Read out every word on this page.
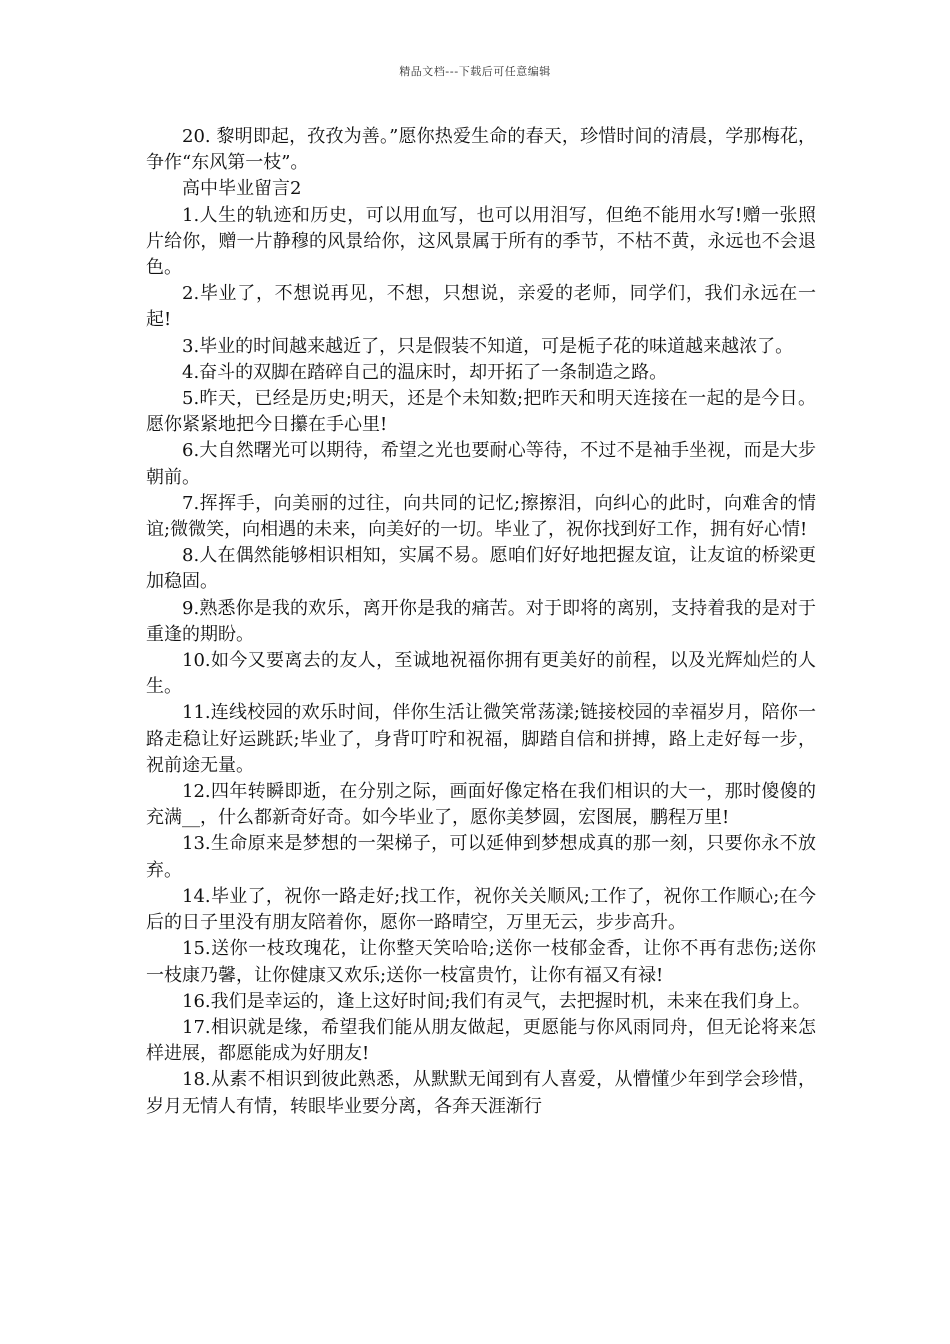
精品文档---下载后可任意编辑

20. 黎明即起，孜孜为善。”愿你热爱生命的春天，珍惜时间的清晨，学那梅花，争作“东风第一枝”。

高中毕业留言2

1.人生的轨迹和历史，可以用血写，也可以用泪写，但绝不能用水写!赠一张照片给你，赠一片静穆的风景给你，这风景属于所有的季节，不枯不黄，永远也不会退色。

2.毕业了，不想说再见，不想，只想说，亲爱的老师，同学们，我们永远在一起!

3.毕业的时间越来越近了，只是假装不知道，可是栀子花的味道越来越浓了。

4.奋斗的双脚在踏碎自己的温床时，却开拓了一条制造之路。

5.昨天，已经是历史;明天，还是个未知数;把昨天和明天连接在一起的是今日。愿你紧紧地把今日攥在手心里!

6.大自然曙光可以期待，希望之光也要耐心等待，不过不是袖手坐视，而是大步朝前。

7.挥挥手，向美丽的过往，向共同的记忆;擦擦泪，向纠心的此时，向难舍的情谊;微微笑，向相遇的未来，向美好的一切。毕业了，祝你找到好工作，拥有好心情!

8.人在偶然能够相识相知，实属不易。愿咱们好好地把握友谊，让友谊的桥梁更加稳固。

9.熟悉你是我的欢乐，离开你是我的痛苦。对于即将的离别，支持着我的是对于重逢的期盼。

10.如今又要离去的友人，至诚地祝福你拥有更美好的前程，以及光辉灿烂的人生。

11.连线校园的欢乐时间，伴你生活让微笑常荡漾;链接校园的幸福岁月，陪你一路走稳让好运跳跃;毕业了，身背叮咛和祝福，脚踏自信和拼搏，路上走好每一步，祝前途无量。

12.四年转瞬即逝，在分别之际，画面好像定格在我们相识的大一，那时傻傻的充满__，什么都新奇好奇。如今毕业了，愿你美梦圆，宏图展，鹏程万里!

13.生命原来是梦想的一架梯子，可以延伸到梦想成真的那一刻，只要你永不放弃。

14.毕业了，祝你一路走好;找工作，祝你关关顺风;工作了，祝你工作顺心;在今后的日子里没有朋友陪着你，愿你一路晴空，万里无云，步步高升。

15.送你一枝玫瑰花，让你整天笑哈哈;送你一枝郁金香，让你不再有悲伤;送你一枝康乃馨，让你健康又欢乐;送你一枝富贵竹，让你有福又有禄!

16.我们是幸运的，逢上这好时间;我们有灵气，去把握时机，未来在我们身上。

17.相识就是缘，希望我们能从朋友做起，更愿能与你风雨同舟，但无论将来怎样进展，都愿能成为好朋友!

18.从素不相识到彼此熟悉，从默默无闻到有人喜爱，从懵懂少年到学会珍惜，岁月无情人有情，转眼毕业要分离，各奔天涯渐行
